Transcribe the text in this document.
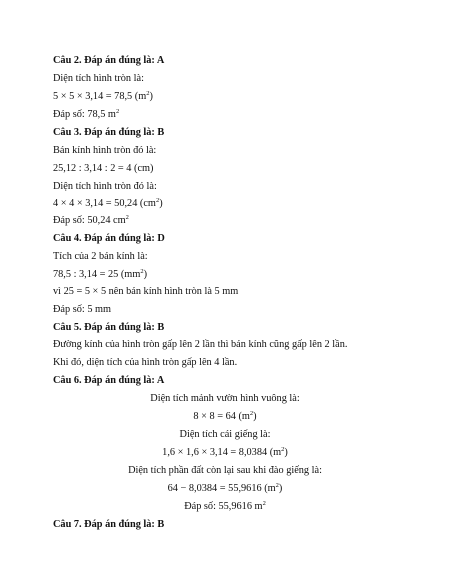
Câu 2. Đáp án đúng là: A
Diện tích hình tròn là:
5 × 5 × 3,14 = 78,5 $(m^2)$
Đáp số: 78,5 $m^2$
Câu 3. Đáp án đúng là: B
Bán kính hình tròn đó là:
25,12 : 3,14 : 2 = 4 (cm)
Diện tích hình tròn đó là:
4 × 4 × 3,14 = 50,24 $(cm^2)$
Đáp số: 50,24 $cm^2$
Câu 4. Đáp án đúng là: D
Tích của 2 bán kính là:
78,5 : 3,14 = 25 $(mm^2)$
vì 25 = 5 × 5 nên bán kính hình tròn là 5 mm
Đáp số: 5 mm
Câu 5. Đáp án đúng là: B
Đường kính của hình tròn gấp lên 2 lần thì bán kính cũng gấp lên 2 lần.
Khi đó, diện tích của hình tròn gấp lên 4 lần.
Câu 6. Đáp án đúng là: A
Diện tích mảnh vườn hình vuông là:
8 × 8 = 64 $(m^2)$
Diện tích cái giếng là:
1,6 × 1,6 × 3,14 = 8,0384 $(m^2)$
Diện tích phần đất còn lại sau khi đào giếng là:
64 − 8,0384 = 55,9616 $(m^2)$
Đáp số: 55,9616 $m^2$
Câu 7. Đáp án đúng là: B
